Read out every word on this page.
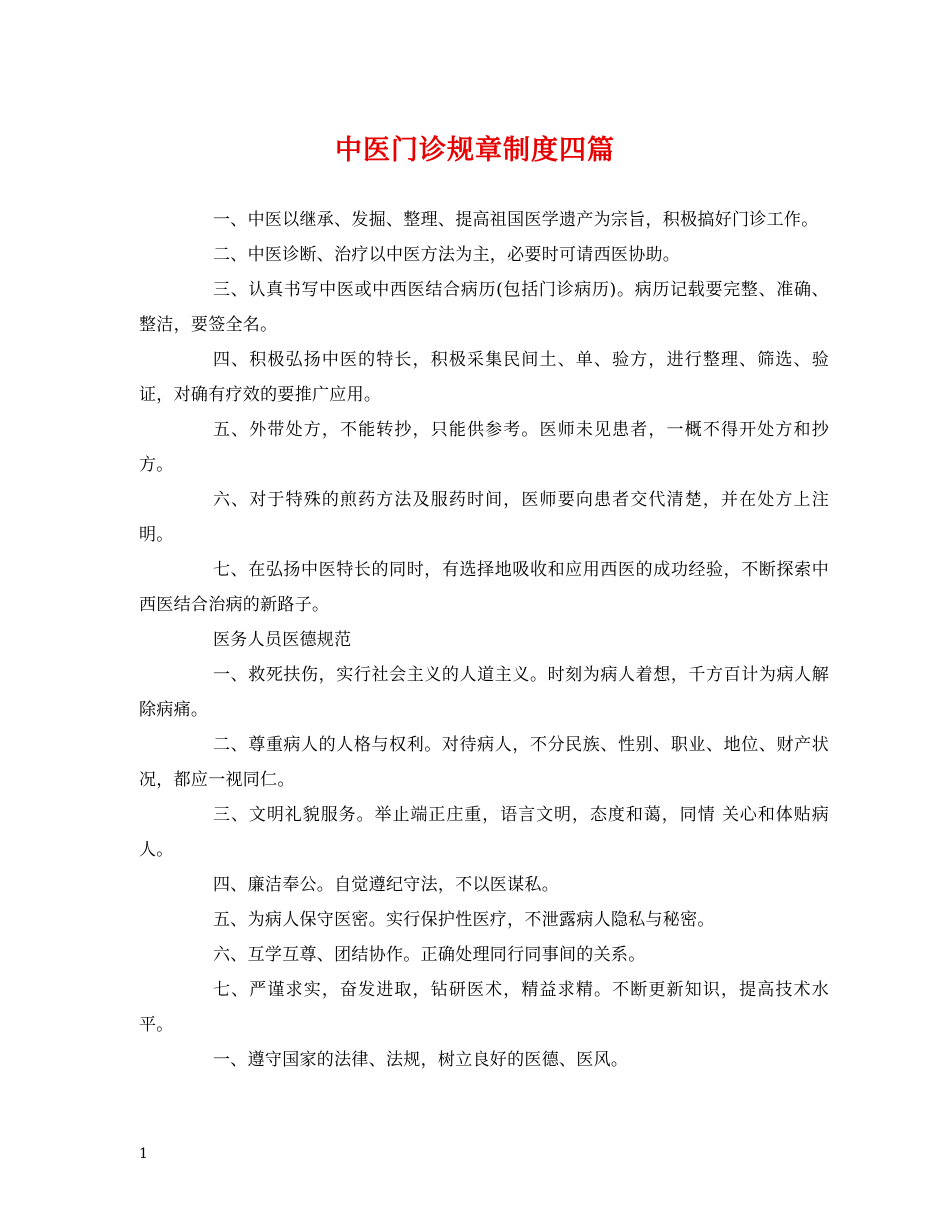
中医门诊规章制度四篇

一、中医以继承、发掘、整理、提高祖国医学遗产为宗旨，积极搞好门诊工作。

二、中医诊断、治疗以中医方法为主，必要时可请西医协助。

三、认真书写中医或中西医结合病历(包括门诊病历)。病历记载要完整、准确、整洁，要签全名。

四、积极弘扬中医的特长，积极采集民间土、单、验方，进行整理、筛选、验证，对确有疗效的要推广应用。

五、外带处方，不能转抄，只能供参考。医师未见患者，一概不得开处方和抄方。

六、对于特殊的煎药方法及服药时间，医师要向患者交代清楚，并在处方上注明。

七、在弘扬中医特长的同时，有选择地吸收和应用西医的成功经验，不断探索中西医结合治病的新路子。

医务人员医德规范

一、救死扶伤，实行社会主义的人道主义。时刻为病人着想，千方百计为病人解除病痛。

二、尊重病人的人格与权利。对待病人，不分民族、性别、职业、地位、财产状况，都应一视同仁。

三、文明礼貌服务。举止端正庄重，语言文明，态度和蔼，同情 关心和体贴病人。

四、廉洁奉公。自觉遵纪守法，不以医谋私。

五、为病人保守医密。实行保护性医疗，不泄露病人隐私与秘密。

六、互学互尊、团结协作。正确处理同行同事间的关系。

七、严谨求实，奋发进取，钻研医术，精益求精。不断更新知识，提高技术水平。

一、遵守国家的法律、法规，树立良好的医德、医风。

1
